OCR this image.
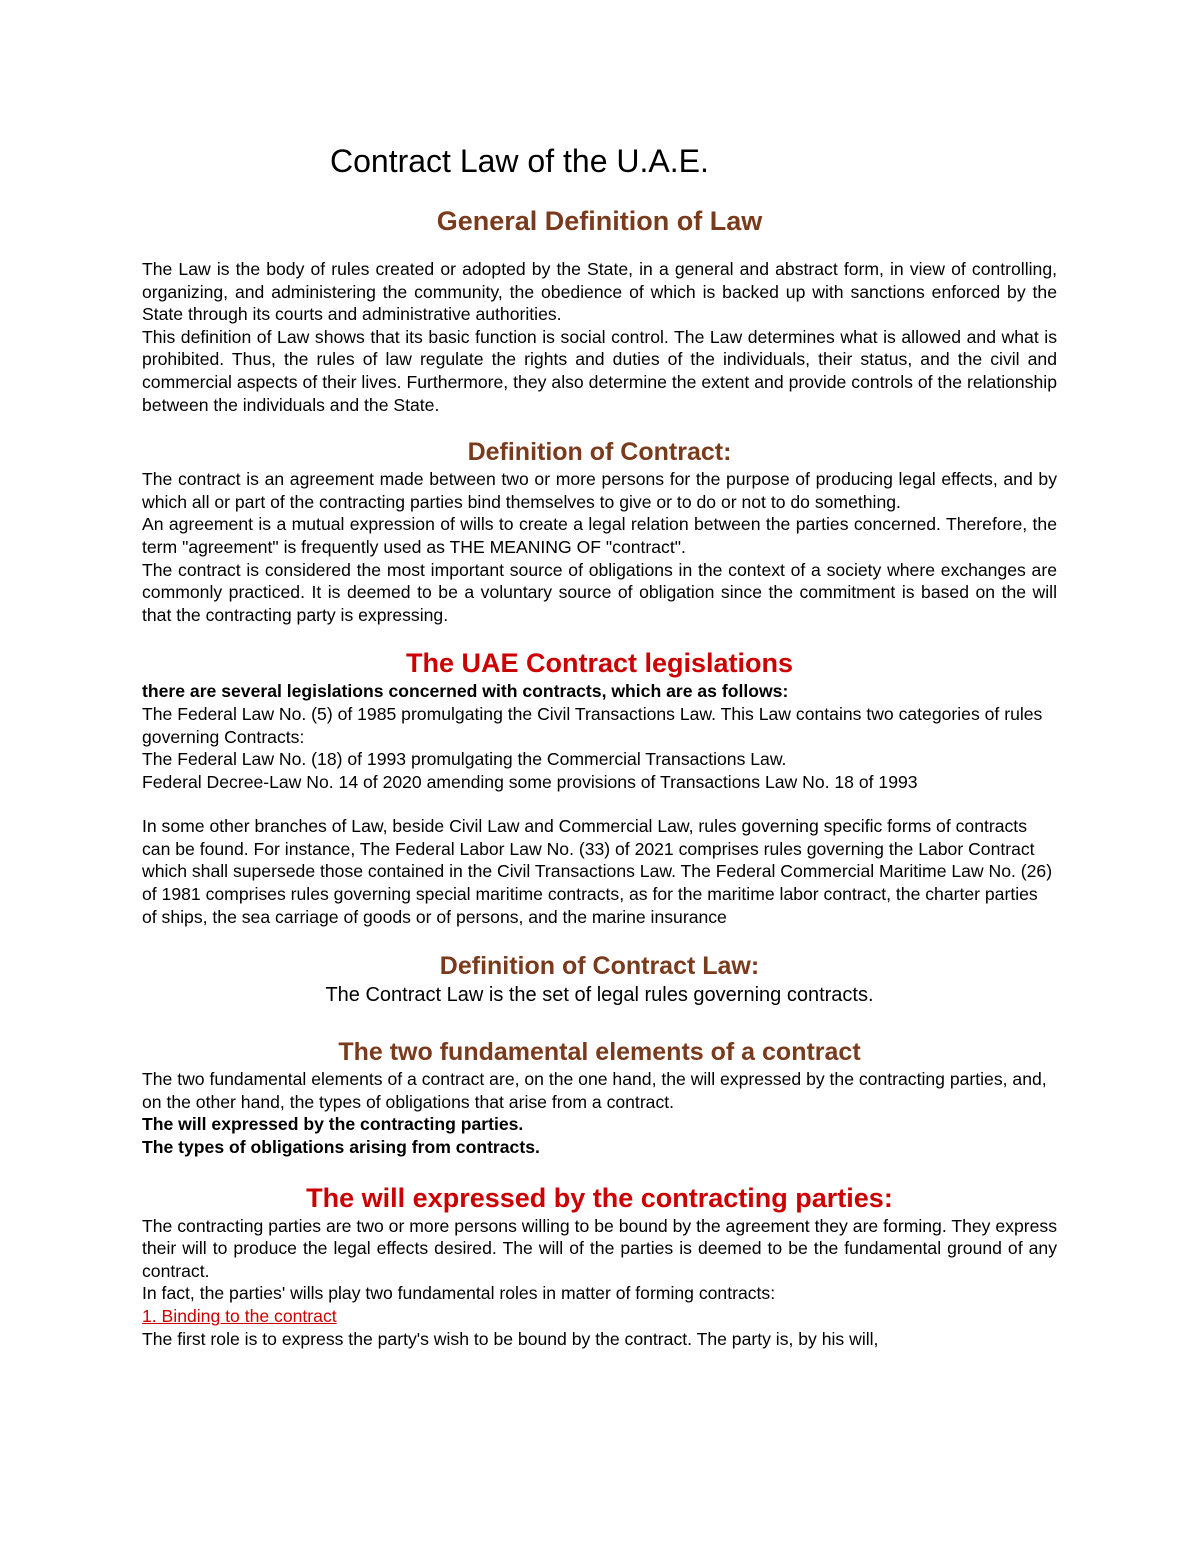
Contract Law of the U.A.E.
General Definition of Law

The Law is the body of rules created or adopted by the State, in a general and abstract form, in view of controlling, organizing, and administering the community, the obedience of which is backed up with sanctions enforced by the State through its courts and administrative authorities.

This definition of Law shows that its basic function is social control. The Law determines what is allowed and what is prohibited. Thus, the rules of law regulate the rights and duties of the individuals, their status, and the civil and commercial aspects of their lives. Furthermore, they also determine the extent and provide controls of the relationship between the individuals and the State.

Definition of Contract:

The contract is an agreement made between two or more persons for the purpose of producing legal effects, and by which all or part of the contracting parties bind themselves to give or to do or not to do something.

An agreement is a mutual expression of wills to create a legal relation between the parties concerned. Therefore, the term "agreement" is frequently used as THE MEANING OF "contract".

The contract is considered the most important source of obligations in the context of a society where exchanges are commonly practiced. It is deemed to be a voluntary source of obligation since the commitment is based on the will that the contracting party is expressing.

The UAE Contract legislations

there are several legislations concerned with contracts, which are as follows:

The Federal Law No. (5) of 1985 promulgating the Civil Transactions Law. This Law contains two categories of rules governing Contracts:

The Federal Law No. (18) of 1993 promulgating the Commercial Transactions Law.

Federal Decree-Law No. 14 of 2020 amending some provisions of Transactions Law No. 18 of 1993

In some other branches of Law, beside Civil Law and Commercial Law, rules governing specific forms of contracts can be found. For instance, The Federal Labor Law No. (33) of 2021 comprises rules governing the Labor Contract which shall supersede those contained in the Civil Transactions Law. The Federal Commercial Maritime Law No. (26) of 1981 comprises rules governing special maritime contracts, as for the maritime labor contract, the charter parties of ships, the sea carriage of goods or of persons, and the marine insurance

Definition of Contract Law:

The Contract Law is the set of legal rules governing contracts.

The two fundamental elements of a contract

The two fundamental elements of a contract are, on the one hand, the will expressed by the contracting parties, and, on the other hand, the types of obligations that arise from a contract.

The will expressed by the contracting parties.

The types of obligations arising from contracts.

The will expressed by the contracting parties:

The contracting parties are two or more persons willing to be bound by the agreement they are forming. They express their will to produce the legal effects desired. The will of the parties is deemed to be the fundamental ground of any contract.

In fact, the parties' wills play two fundamental roles in matter of forming contracts:

1. Binding to the contract

The first role is to express the party's wish to be bound by the contract. The party is, by his will,
